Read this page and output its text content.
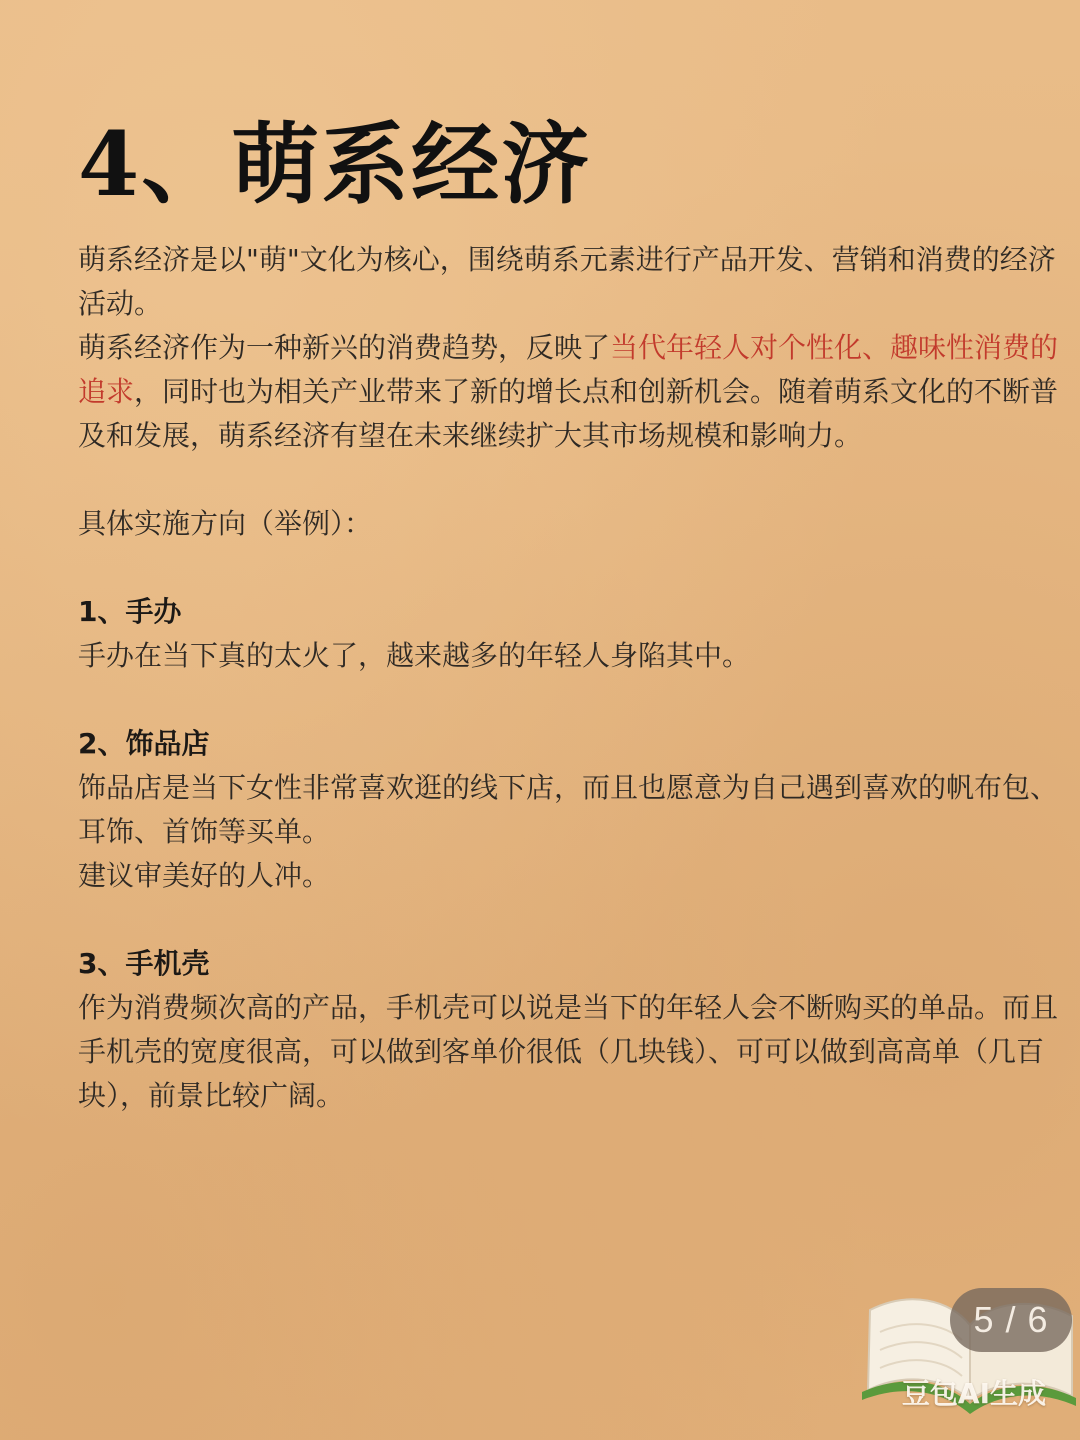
4、萌系经济

萌系经济是以"萌"文化为核心，围绕萌系元素进行产品开发、营销和消费的经济活动。

萌系经济作为一种新兴的消费趋势，反映了当代年轻人对个性化、趣味性消费的追求，同时也为相关产业带来了新的增长点和创新机会。随着萌系文化的不断普及和发展，萌系经济有望在未来继续扩大其市场规模和影响力。

具体实施方向（举例）：

1、手办

手办在当下真的太火了，越来越多的年轻人身陷其中。

2、饰品店

饰品店是当下女性非常喜欢逛的线下店，而且也愿意为自己遇到喜欢的帆布包、耳饰、首饰等买单。

建议审美好的人冲。

3、手机壳

作为消费频次高的产品，手机壳可以说是当下的年轻人会不断购买的单品。而且手机壳的宽度很高，可以做到客单价很低（几块钱）、可可以做到高高单（几百块），前景比较广阔。

5 / 6
豆包AI生成
